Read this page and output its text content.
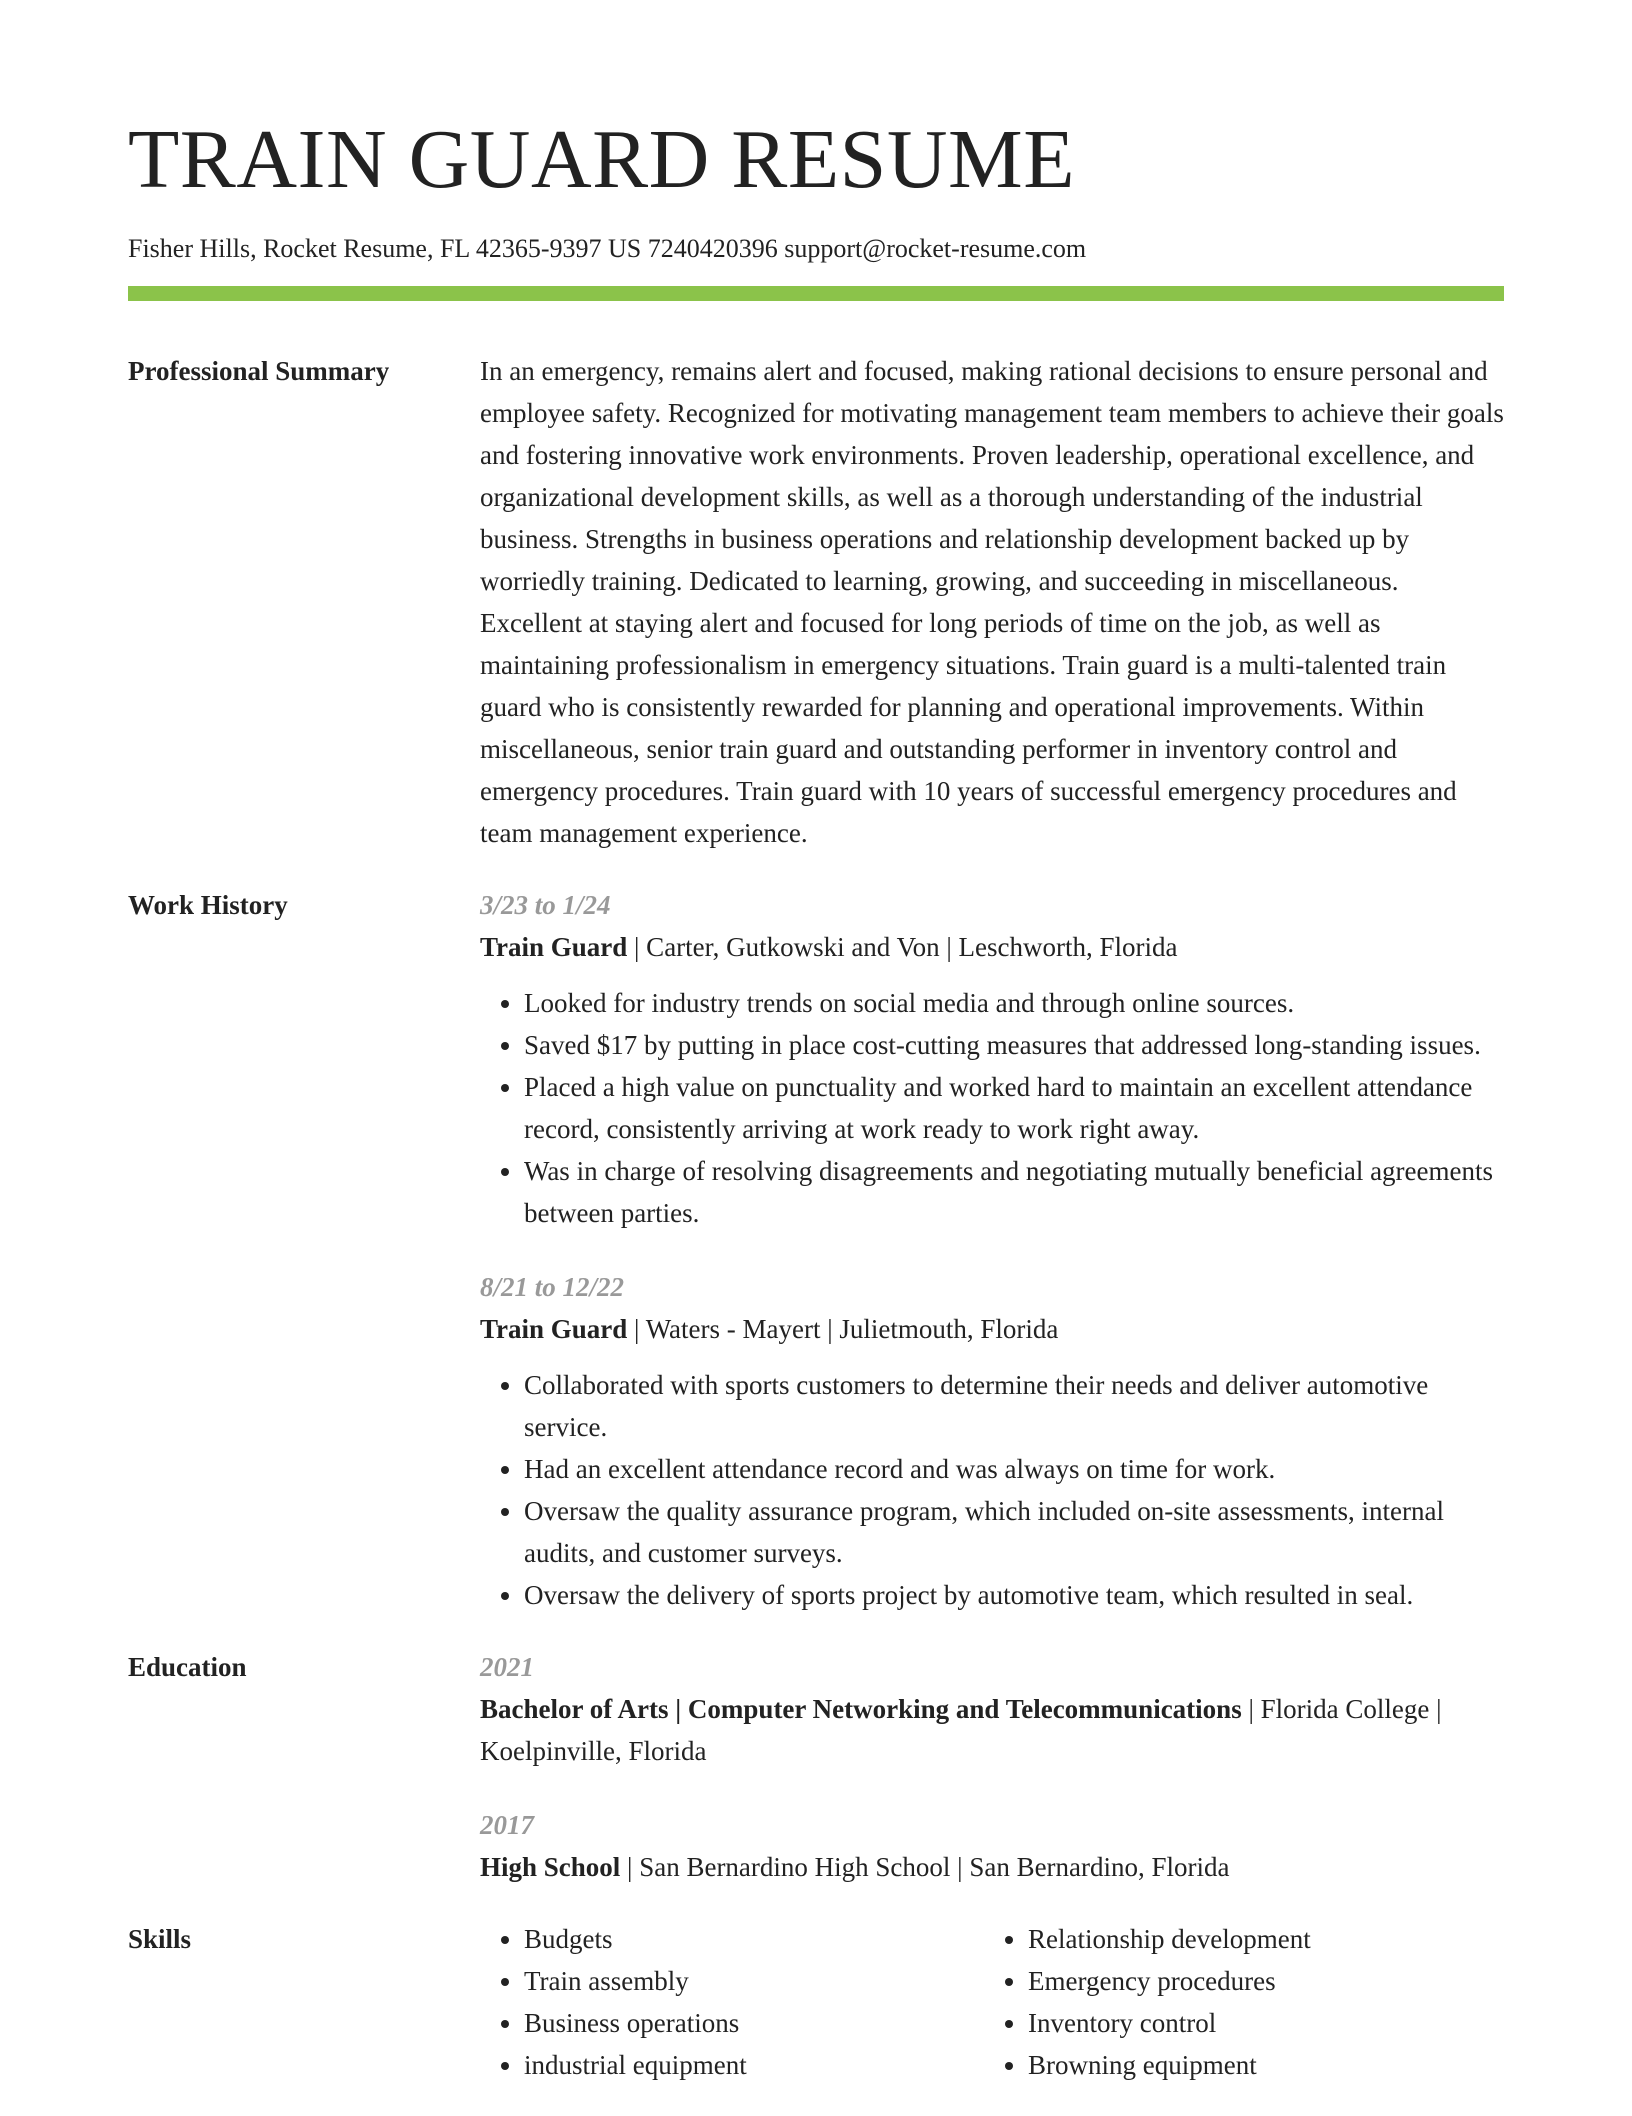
TRAIN GUARD RESUME
Fisher Hills, Rocket Resume, FL 42365-9397 US 7240420396 support@rocket-resume.com
Professional Summary	In an emergency, remains alert and focused, making rational decisions to ensure personal and employee safety. Recognized for motivating management team members to achieve their goals and fostering innovative work environments. Proven leadership, operational excellence, and organizational development skills, as well as a thorough understanding of the industrial business. Strengths in business operations and relationship development backed up by worriedly training. Dedicated to learning, growing, and succeeding in miscellaneous. Excellent at staying alert and focused for long periods of time on the job, as well as maintaining professionalism in emergency situations. Train guard is a multi-talented train guard who is consistently rewarded for planning and operational improvements. Within miscellaneous, senior train guard and outstanding performer in inventory control and emergency procedures. Train guard with 10 years of successful emergency procedures and team management experience.

Work History	3/23 to 1/24
Train Guard | Carter, Gutkowski and Von | Leschworth, Florida
• Looked for industry trends on social media and through online sources.
• Saved $17 by putting in place cost-cutting measures that addressed long-standing issues.
• Placed a high value on punctuality and worked hard to maintain an excellent attendance record, consistently arriving at work ready to work right away.
• Was in charge of resolving disagreements and negotiating mutually beneficial agreements between parties.
8/21 to 12/22
Train Guard | Waters - Mayert | Julietmouth, Florida
• Collaborated with sports customers to determine their needs and deliver automotive service.
• Had an excellent attendance record and was always on time for work.
• Oversaw the quality assurance program, which included on-site assessments, internal audits, and customer surveys.
• Oversaw the delivery of sports project by automotive team, which resulted in seal.
Education	2021
Bachelor of Arts | Computer Networking and Telecommunications | Florida College | Koelpinville, Florida
2017
High School | San Bernardino High School | San Bernardino, Florida
Skills
•	Budgets
• Train assembly
• Business operations
• industrial equipment
• Relationship development
• Emergency procedures
• Inventory control
• Browning equipment
